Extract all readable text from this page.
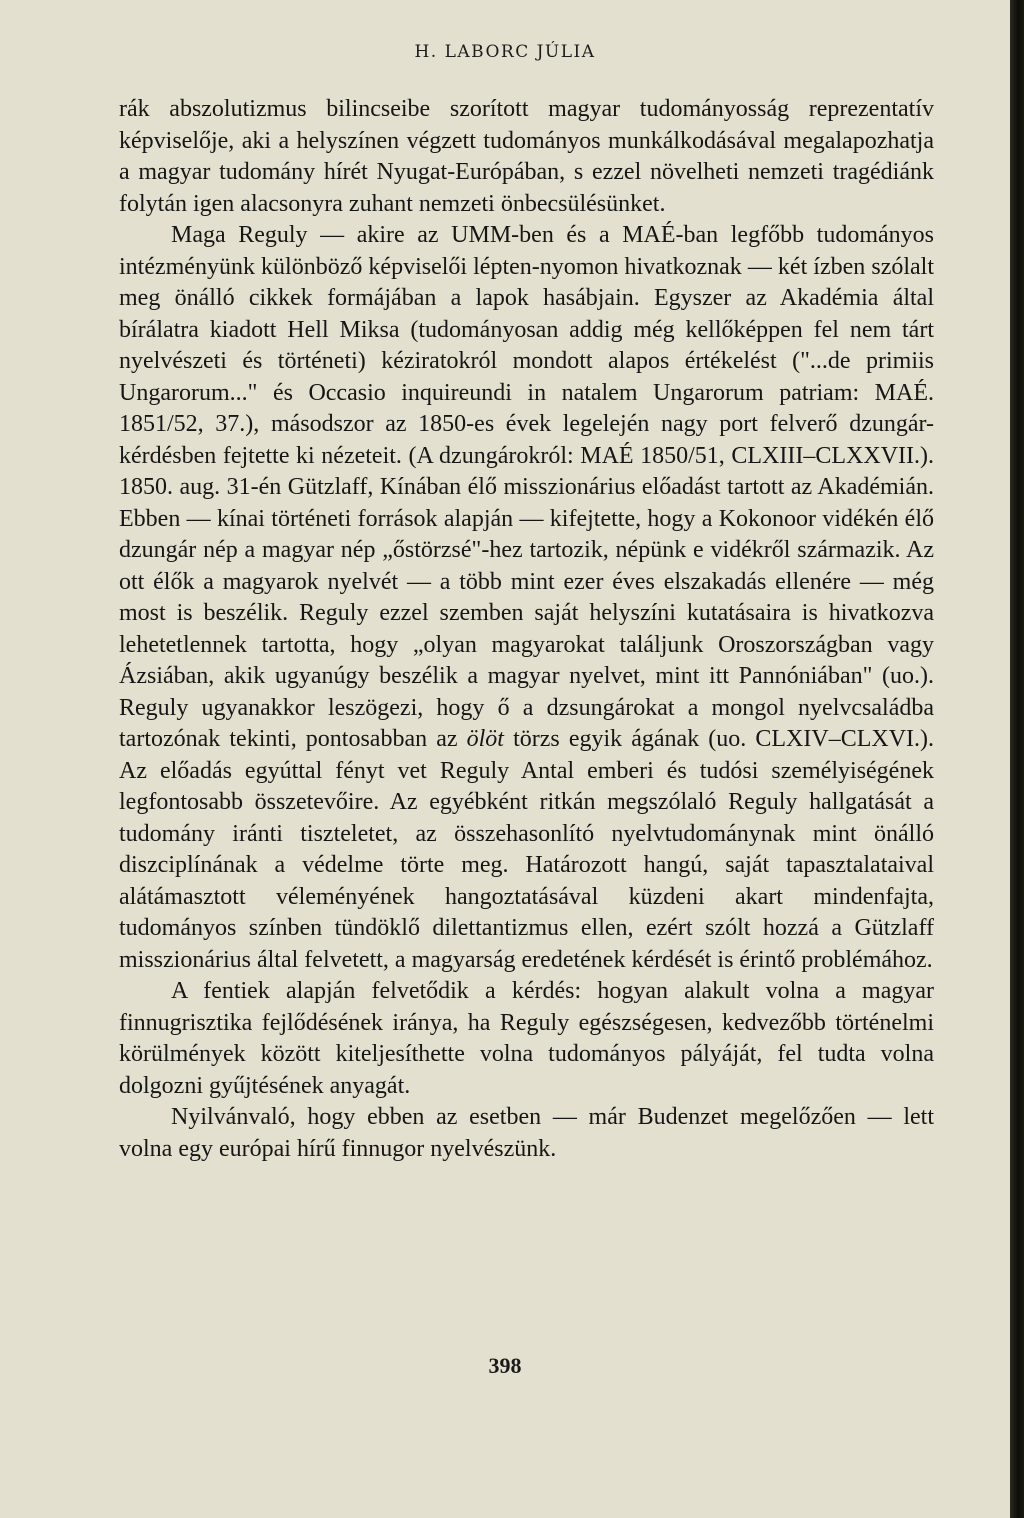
H. LABORC JÚLIA

rák abszolutizmus bilincseibe szorított magyar tudományosság reprezentatív képviselője, aki a helyszínen végzett tudományos munkálkodásával megalapozhatja a magyar tudomány hírét Nyugat-Európában, s ezzel növelheti nemzeti tragédiánk folytán igen alacsonyra zuhant nemzeti önbecsülésünket.

Maga Reguly — akire az UMM-ben és a MAÉ-ban legfőbb tudományos intézményünk különböző képviselői lépten-nyomon hivatkoznak — két ízben szólalt meg önálló cikkek formájában a lapok hasábjain. Egyszer az Akadémia által bírálatra kiadott Hell Miksa (tudományosan addig még kellőképpen fel nem tárt nyelvészeti és történeti) kéziratokról mondott alapos értékelést ("...de primiis Ungarorum..." és Occasio inquireundi in natalem Ungarorum patriam: MAÉ. 1851/52, 37.), másodszor az 1850-es évek legelején nagy port felverő dzungár-kérdésben fejtette ki nézeteit. (A dzungárokról: MAÉ 1850/51, CLXIII–CLXXVII.). 1850. aug. 31-én Gützlaff, Kínában élő misszionárius előadást tartott az Akadémián. Ebben — kínai történeti források alapján — kifejtette, hogy a Kokonoor vidékén élő dzungár nép a magyar nép „őstörzsé"-hez tartozik, népünk e vidékről származik. Az ott élők a magyarok nyelvét — a több mint ezer éves elszakadás ellenére — még most is beszélik. Reguly ezzel szemben saját helyszíni kutatásaira is hivatkozva lehetetlennek tartotta, hogy „olyan magyarokat találjunk Oroszországban vagy Ázsiában, akik ugyanúgy beszélik a magyar nyelvet, mint itt Pannóniában" (uo.). Reguly ugyanakkor leszögezi, hogy ő a dzsungárokat a mongol nyelvcsaládba tartozónak tekinti, pontosabban az ölöt törzs egyik ágának (uo. CLXIV–CLXVI.). Az előadás egyúttal fényt vet Reguly Antal emberi és tudósi személyiségének legfontosabb összetevőire. Az egyébként ritkán megszólaló Reguly hallgatását a tudomány iránti tiszteletet, az összehasonlító nyelvtudománynak mint önálló diszciplínának a védelme törte meg. Határozott hangú, saját tapasztalataival alátámasztott véleményének hangoztatásával küzdeni akart mindenfajta, tudományos színben tündöklő dilettantizmus ellen, ezért szólt hozzá a Gützlaff misszionárius által felvetett, a magyarság eredetének kérdését is érintő problémához.

A fentiek alapján felvetődik a kérdés: hogyan alakult volna a magyar finnugrisztika fejlődésének iránya, ha Reguly egészségesen, kedvezőbb történelmi körülmények között kiteljesíthette volna tudományos pályáját, fel tudta volna dolgozni gyűjtésének anyagát.

Nyilvánvaló, hogy ebben az esetben — már Budenzet megelőzően — lett volna egy európai hírű finnugor nyelvészünk.

398
